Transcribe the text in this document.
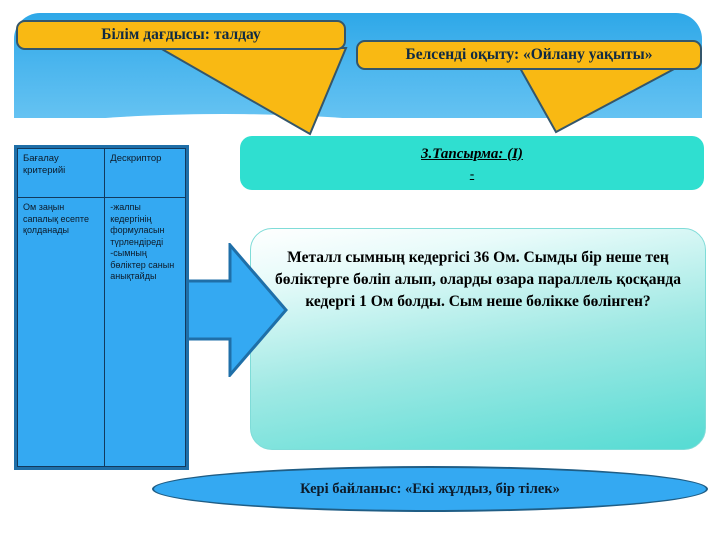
Білім дағдысы: талдау
Белсенді оқыту: «Ойлану уақыты»
3.Тапсырма: (I)
-
Металл сымның кедергісі 36 Ом. Сымды бір неше тең бөліктерге бөліп алып, оларды өзара параллель қосқанда кедергі 1 Ом болды. Сым неше бөлікке бөлінген?
Бағалау критерийі	Дескриптор
Ом заңын сапалық есепте қолданады	-жалпы кедергінің формуласын түрлендіреді -сымның бөліктер санын анықтайды
Кері байланыс: «Екі жұлдыз, бір тілек»
